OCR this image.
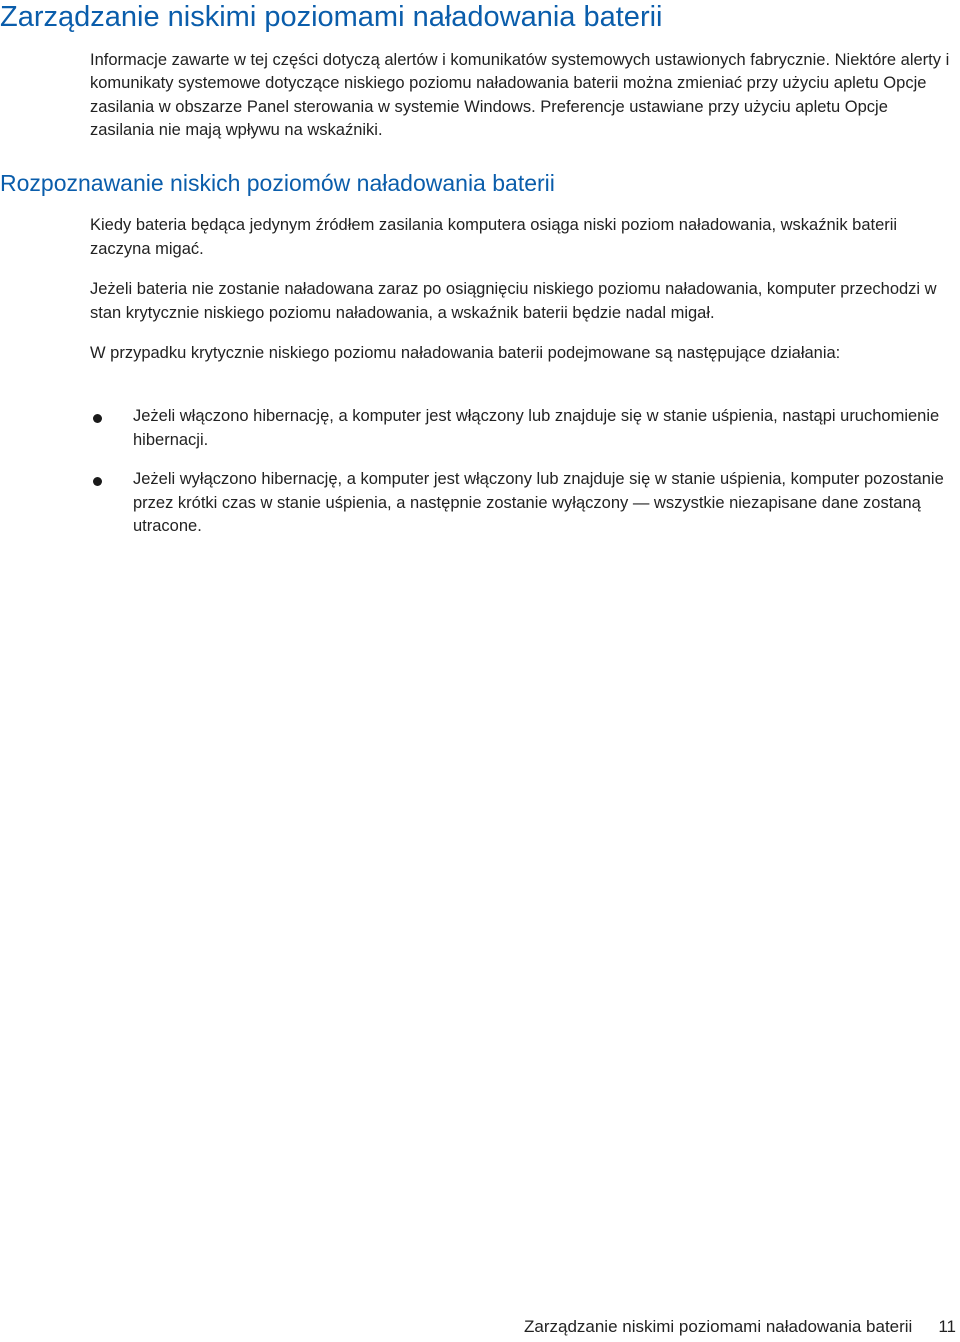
Zarządzanie niskimi poziomami naładowania baterii

Informacje zawarte w tej części dotyczą alertów i komunikatów systemowych ustawionych fabrycznie. Niektóre alerty i komunikaty systemowe dotyczące niskiego poziomu naładowania baterii można zmieniać przy użyciu apletu Opcje zasilania w obszarze Panel sterowania w systemie Windows. Preferencje ustawiane przy użyciu apletu Opcje zasilania nie mają wpływu na wskaźniki.

Rozpoznawanie niskich poziomów naładowania baterii

Kiedy bateria będąca jedynym źródłem zasilania komputera osiąga niski poziom naładowania, wskaźnik baterii zaczyna migać.

Jeżeli bateria nie zostanie naładowana zaraz po osiągnięciu niskiego poziomu naładowania, komputer przechodzi w stan krytycznie niskiego poziomu naładowania, a wskaźnik baterii będzie nadal migał.

W przypadku krytycznie niskiego poziomu naładowania baterii podejmowane są następujące działania:

Jeżeli włączono hibernację, a komputer jest włączony lub znajduje się w stanie uśpienia, nastąpi uruchomienie hibernacji.
Jeżeli wyłączono hibernację, a komputer jest włączony lub znajduje się w stanie uśpienia, komputer pozostanie przez krótki czas w stanie uśpienia, a następnie zostanie wyłączony — wszystkie niezapisane dane zostaną utracone.
Zarządzanie niskimi poziomami naładowania baterii 11
